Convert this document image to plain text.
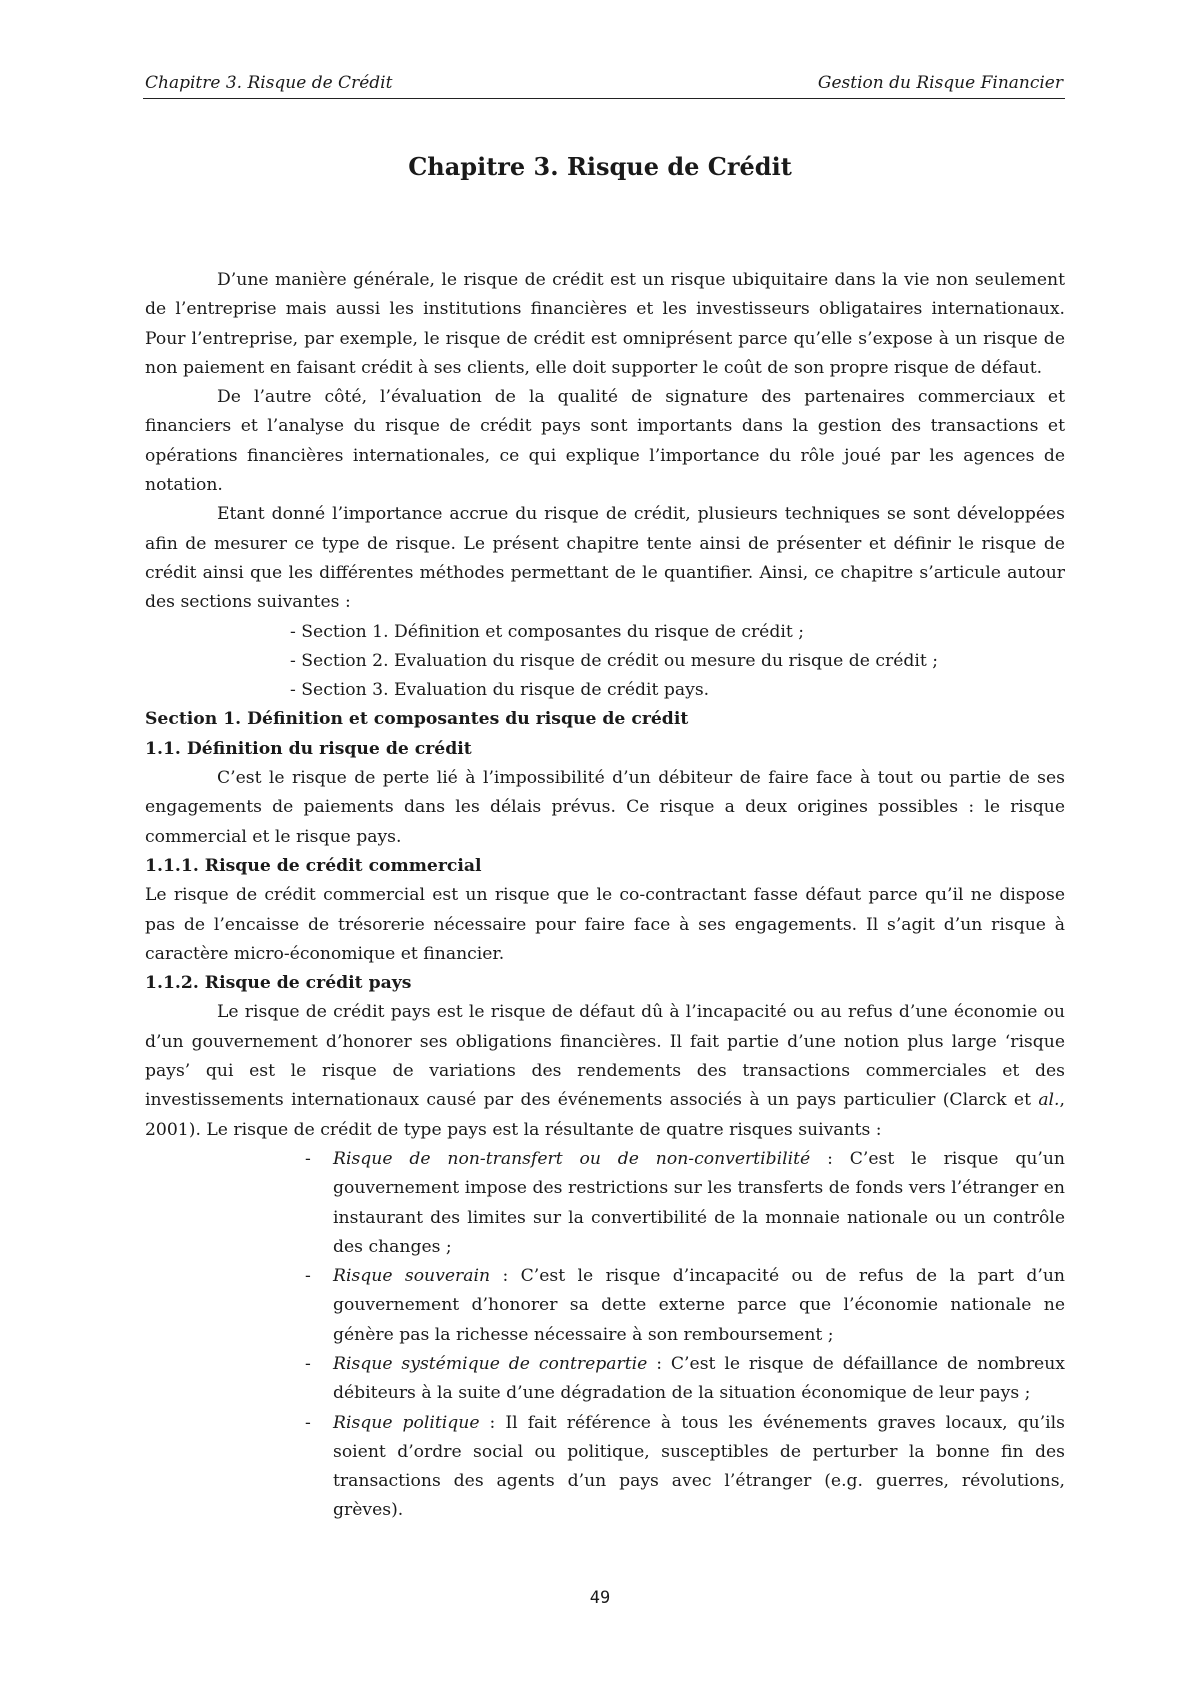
Chapitre 3. Risque de Crédit	Gestion du Risque Financier
Chapitre 3. Risque de Crédit

D’une manière générale, le risque de crédit est un risque ubiquitaire dans la vie non seulement de l’entreprise mais aussi les institutions financières et les investisseurs obligataires internationaux. Pour l’entreprise, par exemple, le risque de crédit est omniprésent parce qu’elle s’expose à un risque de non paiement en faisant crédit à ses clients, elle doit supporter le coût de son propre risque de défaut.

De l’autre côté, l’évaluation de la qualité de signature des partenaires commerciaux et financiers et l’analyse du risque de crédit pays sont importants dans la gestion des transactions et opérations financières internationales, ce qui explique l’importance du rôle joué par les agences de notation.

Etant donné l’importance accrue du risque de crédit, plusieurs techniques se sont développées afin de mesurer ce type de risque. Le présent chapitre tente ainsi de présenter et définir le risque de crédit ainsi que les différentes méthodes permettant de le quantifier. Ainsi, ce chapitre s’articule autour des sections suivantes :

- Section 1. Définition et composantes du risque de crédit ;
- Section 2. Evaluation du risque de crédit ou mesure du risque de crédit ;
- Section 3. Evaluation du risque de crédit pays.

Section 1. Définition et composantes du risque de crédit

1.1. Définition du risque de crédit

C’est le risque de perte lié à l’impossibilité d’un débiteur de faire face à tout ou partie de ses engagements de paiements dans les délais prévus. Ce risque a deux origines possibles : le risque commercial et le risque pays.

1.1.1. Risque de crédit commercial

Le risque de crédit commercial est un risque que le co-contractant fasse défaut parce qu’il ne dispose pas de l’encaisse de trésorerie nécessaire pour faire face à ses engagements. Il s’agit d’un risque à caractère micro-économique et financier.

1.1.2. Risque de crédit pays

Le risque de crédit pays est le risque de défaut dû à l’incapacité ou au refus d’une économie ou d’un gouvernement d’honorer ses obligations financières. Il fait partie d’une notion plus large ‘risque pays’ qui est le risque de variations des rendements des transactions commerciales et des investissements internationaux causé par des événements associés à un pays particulier (Clarck et al., 2001). Le risque de crédit de type pays est la résultante de quatre risques suivants :

- Risque de non-transfert ou de non-convertibilité : C’est le risque qu’un gouvernement impose des restrictions sur les transferts de fonds vers l’étranger en instaurant des limites sur la convertibilité de la monnaie nationale ou un contrôle des changes ;
- Risque souverain : C’est le risque d’incapacité ou de refus de la part d’un gouvernement d’honorer sa dette externe parce que l’économie nationale ne génère pas la richesse nécessaire à son remboursement ;
- Risque systémique de contrepartie : C’est le risque de défaillance de nombreux débiteurs à la suite d’une dégradation de la situation économique de leur pays ;
- Risque politique : Il fait référence à tous les événements graves locaux, qu’ils soient d’ordre social ou politique, susceptibles de perturber la bonne fin des transactions des agents d’un pays avec l’étranger (e.g. guerres, révolutions, grèves).
49
